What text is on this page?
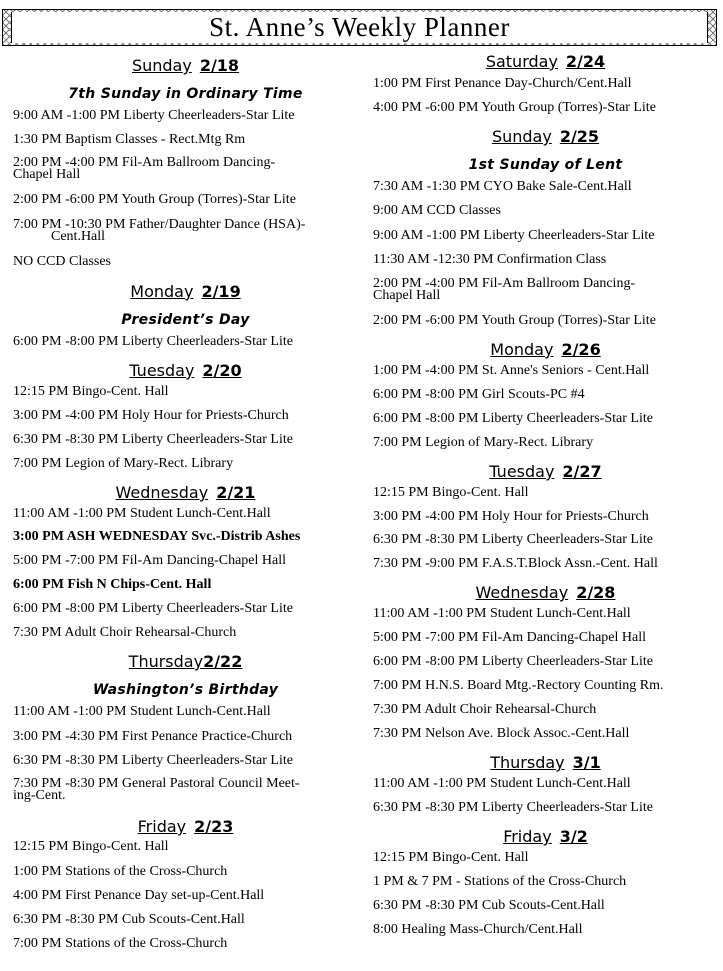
St. Anne’s Weekly Planner
Sunday 2/18
7th Sunday in Ordinary Time
9:00 AM -1:00 PM Liberty Cheerleaders-Star Lite
1:30 PM Baptism Classes - Rect.Mtg Rm
2:00 PM -4:00 PM Fil-Am Ballroom Dancing-
Chapel Hall
2:00 PM -6:00 PM Youth Group (Torres)-Star Lite
7:00 PM -10:30 PM Father/Daughter Dance (HSA)-
Cent.Hall
NO CCD Classes
Monday 2/19
President’s Day
6:00 PM -8:00 PM Liberty Cheerleaders-Star Lite
Tuesday 2/20
12:15 PM Bingo-Cent. Hall
3:00 PM -4:00 PM Holy Hour for Priests-Church
6:30 PM -8:30 PM Liberty Cheerleaders-Star Lite
7:00 PM Legion of Mary-Rect. Library
Wednesday 2/21
11:00 AM -1:00 PM Student Lunch-Cent.Hall
3:00 PM ASH WEDNESDAY Svc.-Distrib Ashes
5:00 PM -7:00 PM Fil-Am Dancing-Chapel Hall
6:00 PM Fish N Chips-Cent. Hall
6:00 PM -8:00 PM Liberty Cheerleaders-Star Lite
7:30 PM Adult Choir Rehearsal-Church
Thursday2/22
Washington’s Birthday
11:00 AM -1:00 PM Student Lunch-Cent.Hall
3:00 PM -4:30 PM First Penance Practice-Church
6:30 PM -8:30 PM Liberty Cheerleaders-Star Lite
7:30 PM -8:30 PM General Pastoral Council Meet-
ing-Cent.
Friday 2/23
12:15 PM Bingo-Cent. Hall
1:00 PM Stations of the Cross-Church
4:00 PM First Penance Day set-up-Cent.Hall
6:30 PM -8:30 PM Cub Scouts-Cent.Hall
7:00 PM Stations of the Cross-Church
Saturday 2/24
1:00 PM First Penance Day-Church/Cent.Hall
4:00 PM -6:00 PM Youth Group (Torres)-Star Lite
Sunday 2/25
1st Sunday of Lent
7:30 AM -1:30 PM CYO Bake Sale-Cent.Hall
9:00 AM CCD Classes
9:00 AM -1:00 PM Liberty Cheerleaders-Star Lite
11:30 AM -12:30 PM Confirmation Class
2:00 PM -4:00 PM Fil-Am Ballroom Dancing-
Chapel Hall
2:00 PM -6:00 PM Youth Group (Torres)-Star Lite
Monday 2/26
1:00 PM -4:00 PM St. Anne's Seniors - Cent.Hall
6:00 PM -8:00 PM Girl Scouts-PC #4
6:00 PM -8:00 PM Liberty Cheerleaders-Star Lite
7:00 PM Legion of Mary-Rect. Library
Tuesday 2/27
12:15 PM Bingo-Cent. Hall
3:00 PM -4:00 PM Holy Hour for Priests-Church
6:30 PM -8:30 PM Liberty Cheerleaders-Star Lite
7:30 PM -9:00 PM F.A.S.T.Block Assn.-Cent. Hall
Wednesday 2/28
11:00 AM -1:00 PM Student Lunch-Cent.Hall
5:00 PM -7:00 PM Fil-Am Dancing-Chapel Hall
6:00 PM -8:00 PM Liberty Cheerleaders-Star Lite
7:00 PM H.N.S. Board Mtg.-Rectory Counting Rm.
7:30 PM Adult Choir Rehearsal-Church
7:30 PM Nelson Ave. Block Assoc.-Cent.Hall
Thursday 3/1
11:00 AM -1:00 PM Student Lunch-Cent.Hall
6:30 PM -8:30 PM Liberty Cheerleaders-Star Lite
Friday 3/2
12:15 PM Bingo-Cent. Hall
1 PM & 7 PM - Stations of the Cross-Church
6:30 PM -8:30 PM Cub Scouts-Cent.Hall
8:00 Healing Mass-Church/Cent.Hall
